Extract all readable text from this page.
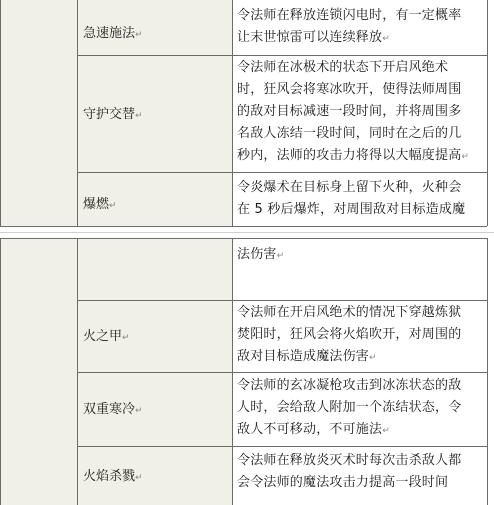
急速施法↵
令法师在释放连锁闪电时，有一定概率
让末世惊雷可以连续释放↵
守护交替↵
令法师在冰极术的状态下开启风绝术
时，狂风会将寒冰吹开，使得法师周围
的敌对目标减速一段时间，并将周围多
名敌人冻结一段时间，同时在之后的几
秒内，法师的攻击力将得以大幅度提高↵
爆燃↵
令炎爆术在目标身上留下火种，火种会
在 5 秒后爆炸，对周围敌对目标造成魔
法伤害↵
火之甲↵
令法师在开启风绝术的情况下穿越炼狱
焚阳时，狂风会将火焰吹开，对周围的
敌对目标造成魔法伤害↵
双重寒冷↵
令法师的玄冰凝枪攻击到冰冻状态的敌
人时，会给敌人附加一个冻结状态，令
敌人不可移动，不可施法↵
火焰杀戮↵
令法师在释放炎灭术时每次击杀敌人都
会令法师的魔法攻击力提高一段时间
